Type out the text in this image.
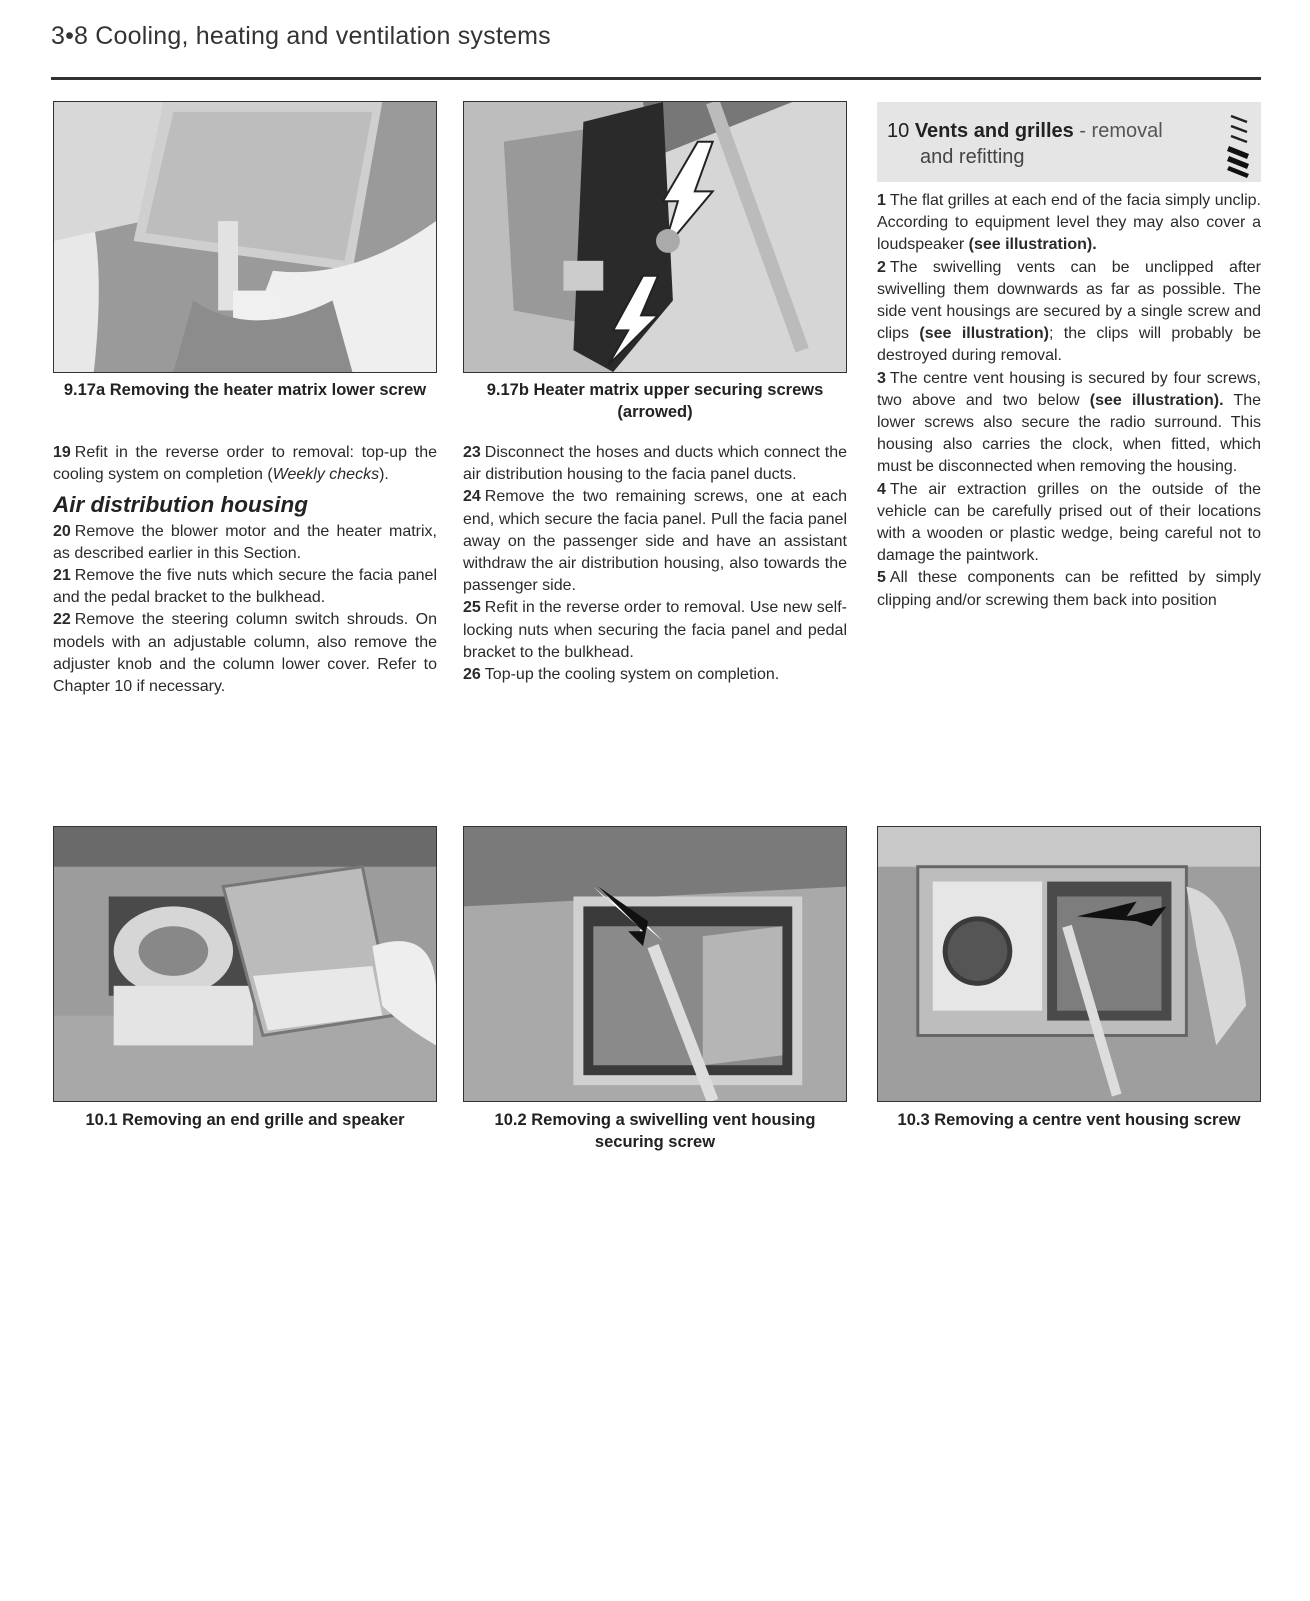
3•8 Cooling, heating and ventilation systems
9.17a Removing the heater matrix lower screw	9.17b Heater matrix upper securing screws (arrowed)

19 Refit in the reverse order to removal: top-up the cooling system on completion (Weekly checks).

Air distribution housing

20 Remove the blower motor and the heater matrix, as described earlier in this Section.

21 Remove the five nuts which secure the facia panel and the pedal bracket to the bulkhead.

22 Remove the steering column switch shrouds. On models with an adjustable column, also remove the adjuster knob and the column lower cover. Refer to Chapter 10 if necessary.

23 Disconnect the hoses and ducts which connect the air distribution housing to the facia panel ducts.

24 Remove the two remaining screws, one at each end, which secure the facia panel. Pull the facia panel away on the passenger side and have an assistant withdraw the air distribution housing, also towards the passenger side.

25 Refit in the reverse order to removal. Use new self-locking nuts when securing the facia panel and pedal bracket to the bulkhead.

26 Top-up the cooling system on completion.

10 Vents and grilles - removal
and refitting

1 The flat grilles at each end of the facia simply unclip. According to equipment level they may also cover a loudspeaker (see illustration).

2 The swivelling vents can be unclipped after swivelling them downwards as far as possible. The side vent housings are secured by a single screw and clips (see illustration); the clips will probably be destroyed during removal.

3 The centre vent housing is secured by four screws, two above and two below (see illustration). The lower screws also secure the radio surround. This housing also carries the clock, when fitted, which must be disconnected when removing the housing.

4 The air extraction grilles on the outside of the vehicle can be carefully prised out of their locations with a wooden or plastic wedge, being careful not to damage the paintwork.

5 All these components can be refitted by simply clipping and/or screwing them back into position

10.1 Removing an end grille and speaker	10.2 Removing a swivelling vent housing securing screw
10.3 Removing a centre vent housing screw
